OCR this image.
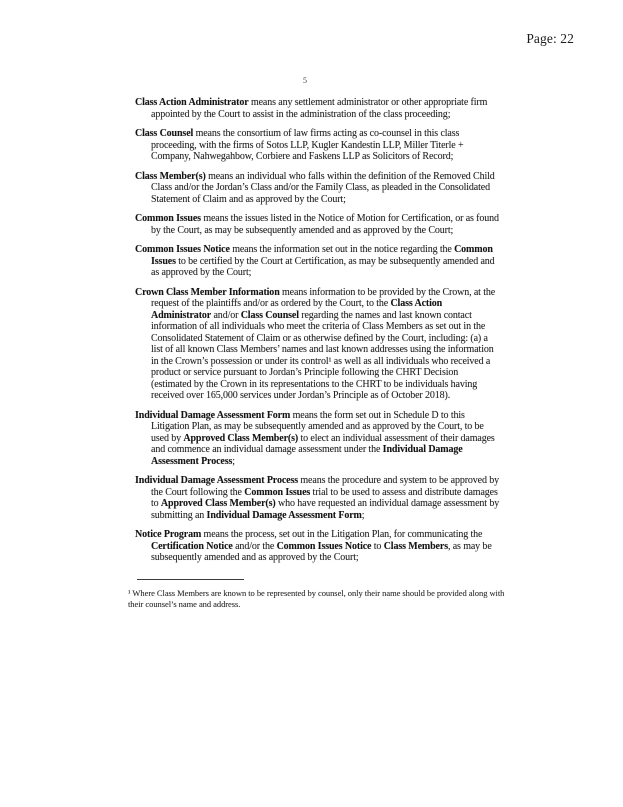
Page: 22
5
Class Action Administrator means any settlement administrator or other appropriate firm
appointed by the Court to assist in the administration of the class proceeding;
Class Counsel means the consortium of law firms acting as co-counsel in this class
proceeding, with the firms of Sotos LLP, Kugler Kandestin LLP, Miller Titerle +
Company, Nahwegahbow, Corbiere and Faskens LLP as Solicitors of Record;
Class Member(s) means an individual who falls within the definition of the Removed Child
Class and/or the Jordan’s Class and/or the Family Class, as pleaded in the Consolidated
Statement of Claim and as approved by the Court;
Common Issues means the issues listed in the Notice of Motion for Certification, or as found
by the Court, as may be subsequently amended and as approved by the Court;
Common Issues Notice means the information set out in the notice regarding the Common
Issues to be certified by the Court at Certification, as may be subsequently amended and
as approved by the Court;
Crown Class Member Information means information to be provided by the Crown, at the
request of the plaintiffs and/or as ordered by the Court, to the Class Action
Administrator and/or Class Counsel regarding the names and last known contact
information of all individuals who meet the criteria of Class Members as set out in the
Consolidated Statement of Claim or as otherwise defined by the Court, including: (a) a
list of all known Class Members’ names and last known addresses using the information
in the Crown’s possession or under its control¹ as well as all individuals who received a
product or service pursuant to Jordan’s Principle following the CHRT Decision
(estimated by the Crown in its representations to the CHRT to be individuals having
received over 165,000 services under Jordan’s Principle as of October 2018).
Individual Damage Assessment Form means the form set out in Schedule D to this
Litigation Plan, as may be subsequently amended and as approved by the Court, to be
used by Approved Class Member(s) to elect an individual assessment of their damages
and commence an individual damage assessment under the Individual Damage
Assessment Process;
Individual Damage Assessment Process means the procedure and system to be approved by
the Court following the Common Issues trial to be used to assess and distribute damages
to Approved Class Member(s) who have requested an individual damage assessment by
submitting an Individual Damage Assessment Form;
Notice Program means the process, set out in the Litigation Plan, for communicating the
Certification Notice and/or the Common Issues Notice to Class Members, as may be
subsequently amended and as approved by the Court;
¹ Where Class Members are known to be represented by counsel, only their name should be provided along with
their counsel’s name and address.
